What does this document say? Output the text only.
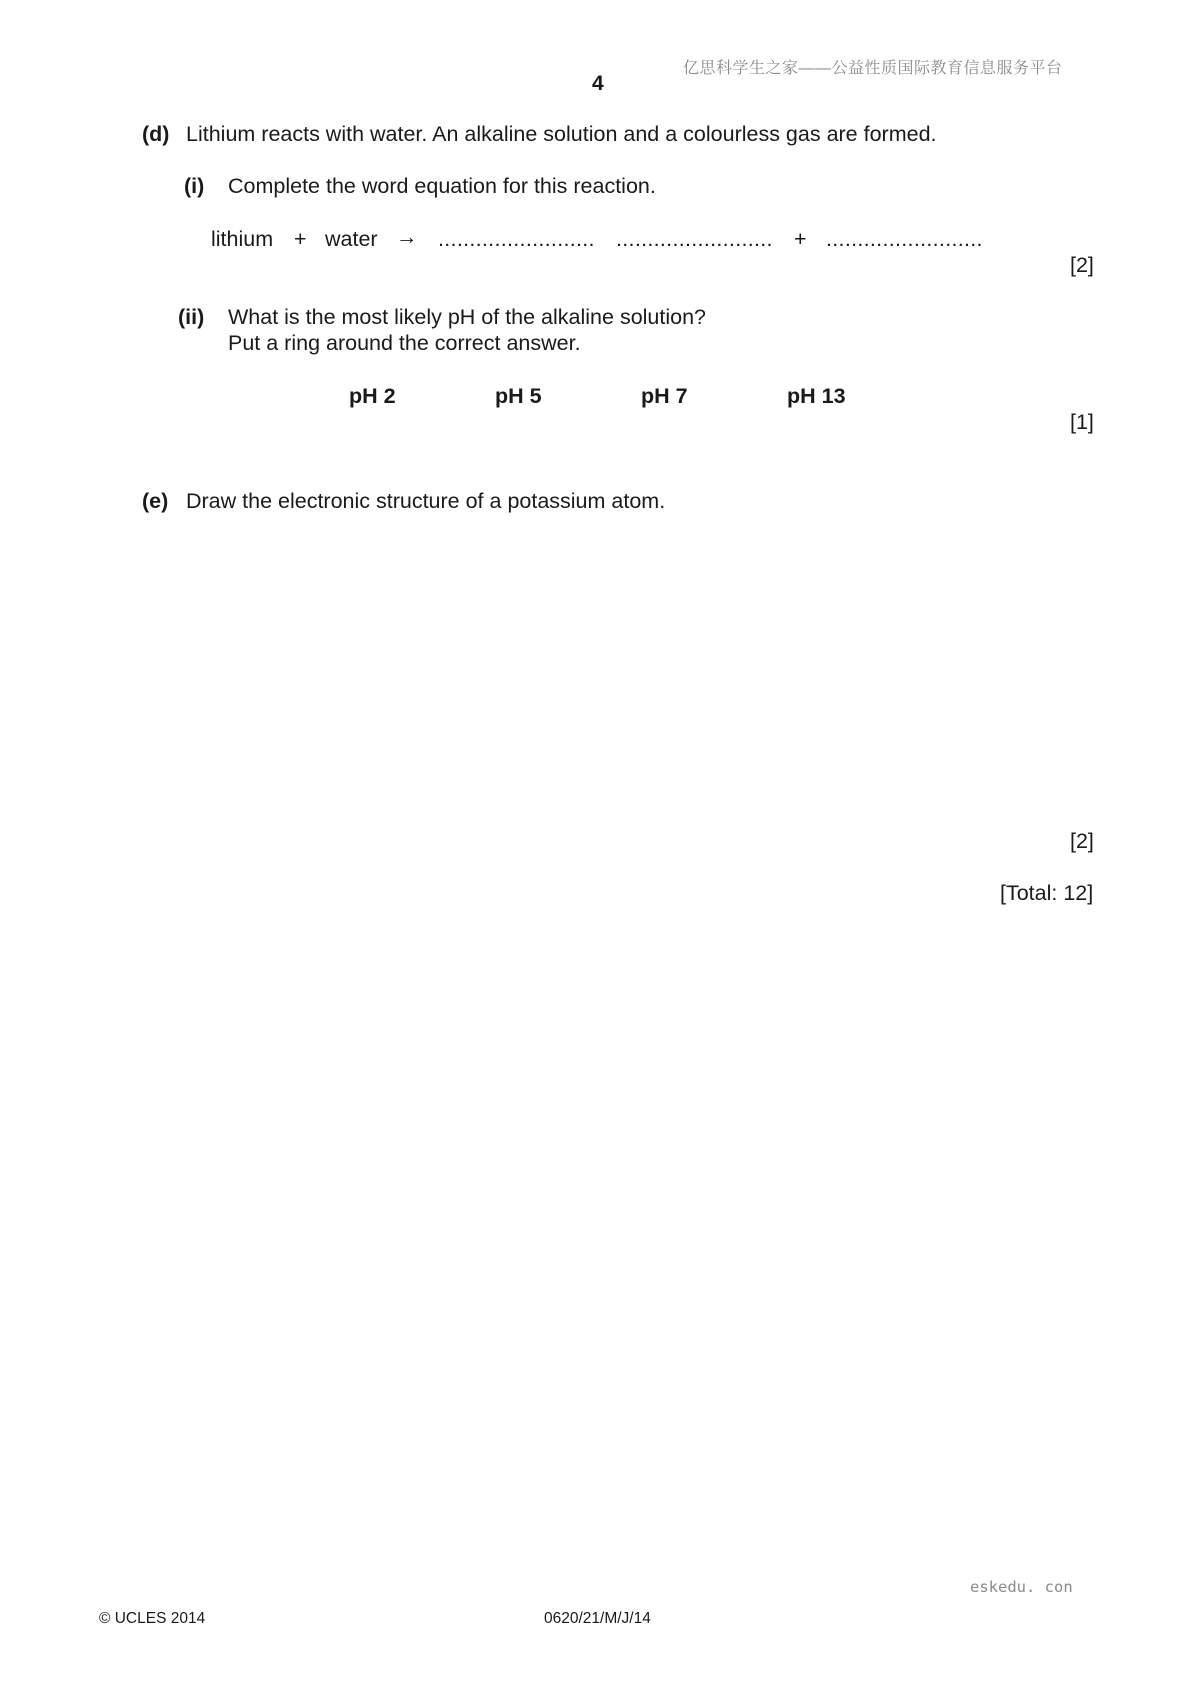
亿思科学生之家——公益性质国际教育信息服务平台
4
(d) Lithium reacts with water. An alkaline solution and a colourless gas are formed.
(i) Complete the word equation for this reaction.
lithium + water → ......................... ......................... + .........................
[2]
(ii) What is the most likely pH of the alkaline solution?
Put a ring around the correct answer.
pH 2	pH 5	pH 7	pH 13
[1]
(e) Draw the electronic structure of a potassium atom.
[2]
[Total: 12]
eskedu. con
© UCLES 2014	0620/21/M/J/14
